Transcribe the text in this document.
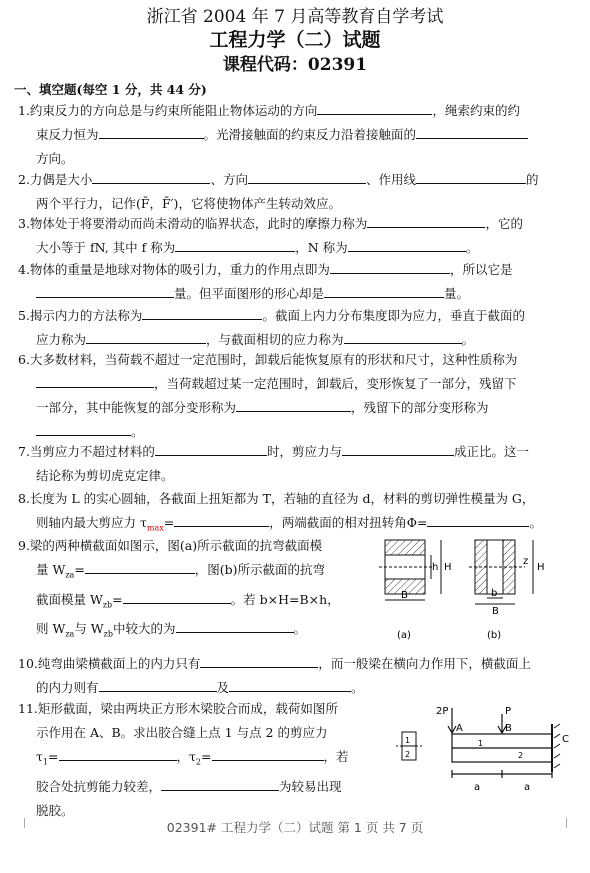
浙江省 2004 年 7 月高等教育自学考试
工程力学（二）试题
课程代码：02391
一、填空题(每空 1 分，共 44 分)
1.约束反力的方向总是与约束所能阻止物体运动的方向	，绳索约束的约
束反力恒为	。光滑接触面的约束反力沿着接触面的
方向。
2.力偶是大小	、方向	、作用线	的
两个平行力，记作(F̄，F̄′)，它将使物体产生转动效应。
3.物体处于将要滑动而尚未滑动的临界状态，此时的摩擦力称为	，它的
大小等于 fN, 其中 f 称为	，N 称为	。
4.物体的重量是地球对物体的吸引力，重力的作用点即为	，所以它是
量。但平面图形的形心却是	量。
5.揭示内力的方法称为	。截面上内力分布集度即为应力，垂直于截面的
应力称为	，与截面相切的应力称为	。
6.大多数材料，当荷载不超过一定范围时，卸载后能恢复原有的形状和尺寸，这种性质称为
，当荷载超过某一定范围时，卸载后，变形恢复了一部分，残留下
一部分，其中能恢复的部分变形称为	，残留下的部分变形称为
。
7.当剪应力不超过材料的	时，剪应力与	成正比。这一
结论称为剪切虎克定律。
8.长度为 L 的实心圆轴，各截面上扭矩都为 T，若轴的直径为 d，材料的剪切弹性模量为 G，
则轴内最大剪应力 $\tau_{max}=$	，两端截面的相对扭转角Φ=	。
9.梁的两种横截面如图示，图(a)所示截面的抗弯截面模
量 $W_{za}=$	，图(b)所示截面的抗弯
截面模量 $W_{zb}=$	。若 b×H=B×h，
则 $W_{za}$与 $W_{zb}$中较大的为	。
h H
B
z
H
b
B
(a)	(b)
10.纯弯曲梁横截面上的内力只有	，而一般梁在横向力作用下，横截面上
的内力则有	及	。
11.矩形截面，梁由两块正方形木梁胶合而成，载荷如图所
示作用在 A、B。求出胶合缝上点 1 与点 2 的剪应力
$\tau_1=$	，$\tau_2=$	，若
胶合处抗剪能力较差，	为较易出现
脱胶。
1
2
2P	P
A	B
C
1
2
a	a
02391# 工程力学（二）试题 第 1 页 共 7 页
